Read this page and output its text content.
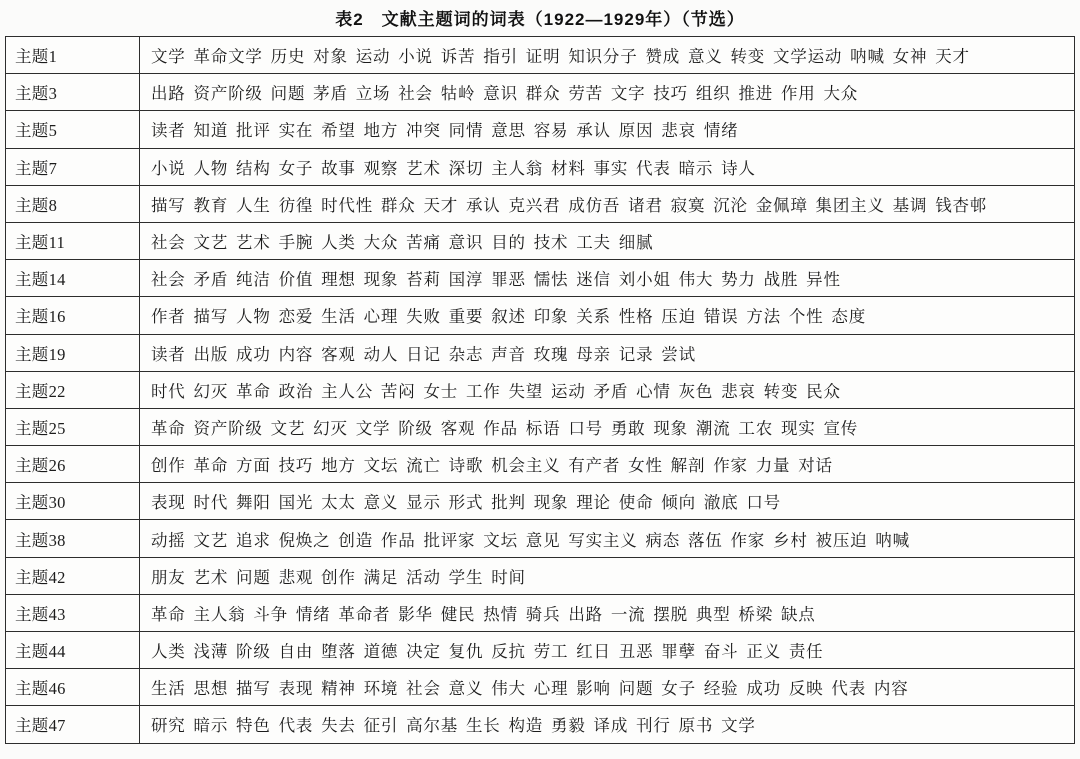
表2　文献主题词的词表（1922—1929年）（节选）
主题1	文学 革命文学 历史 对象 运动 小说 诉苦 指引 证明 知识分子 赞成 意义 转变 文学运动 呐喊 女神 天才
主题3	出路 资产阶级 问题 茅盾 立场 社会 牯岭 意识 群众 劳苦 文字 技巧 组织 推进 作用 大众
主题5	读者 知道 批评 实在 希望 地方 冲突 同情 意思 容易 承认 原因 悲哀 情绪
主题7	小说 人物 结构 女子 故事 观察 艺术 深切 主人翁 材料 事实 代表 暗示 诗人
主题8	描写 教育 人生 彷徨 时代性 群众 天才 承认 克兴君 成仿吾 诸君 寂寞 沉沦 金佩璋 集团主义 基调 钱杏邨
主题11	社会 文艺 艺术 手腕 人类 大众 苦痛 意识 目的 技术 工夫 细腻
主题14	社会 矛盾 纯洁 价值 理想 现象 苔莉 国淳 罪恶 懦怯 迷信 刘小姐 伟大 势力 战胜 异性
主题16	作者 描写 人物 恋爱 生活 心理 失败 重要 叙述 印象 关系 性格 压迫 错误 方法 个性 态度
主题19	读者 出版 成功 内容 客观 动人 日记 杂志 声音 玫瑰 母亲 记录 尝试
主题22	时代 幻灭 革命 政治 主人公 苦闷 女士 工作 失望 运动 矛盾 心情 灰色 悲哀 转变 民众
主题25	革命 资产阶级 文艺 幻灭 文学 阶级 客观 作品 标语 口号 勇敢 现象 潮流 工农 现实 宣传
主题26	创作 革命 方面 技巧 地方 文坛 流亡 诗歌 机会主义 有产者 女性 解剖 作家 力量 对话
主题30	表现 时代 舞阳 国光 太太 意义 显示 形式 批判 现象 理论 使命 倾向 澈底 口号
主题38	动摇 文艺 追求 倪焕之 创造 作品 批评家 文坛 意见 写实主义 病态 落伍 作家 乡村 被压迫 呐喊
主题42	朋友 艺术 问题 悲观 创作 满足 活动 学生 时间
主题43	革命 主人翁 斗争 情绪 革命者 影华 健民 热情 骑兵 出路 一流 摆脱 典型 桥梁 缺点
主题44	人类 浅薄 阶级 自由 堕落 道德 决定 复仇 反抗 劳工 红日 丑恶 罪孽 奋斗 正义 责任
主题46	生活 思想 描写 表现 精神 环境 社会 意义 伟大 心理 影响 问题 女子 经验 成功 反映 代表 内容
主题47	研究 暗示 特色 代表 失去 征引 高尔基 生长 构造 勇毅 译成 刊行 原书 文学
